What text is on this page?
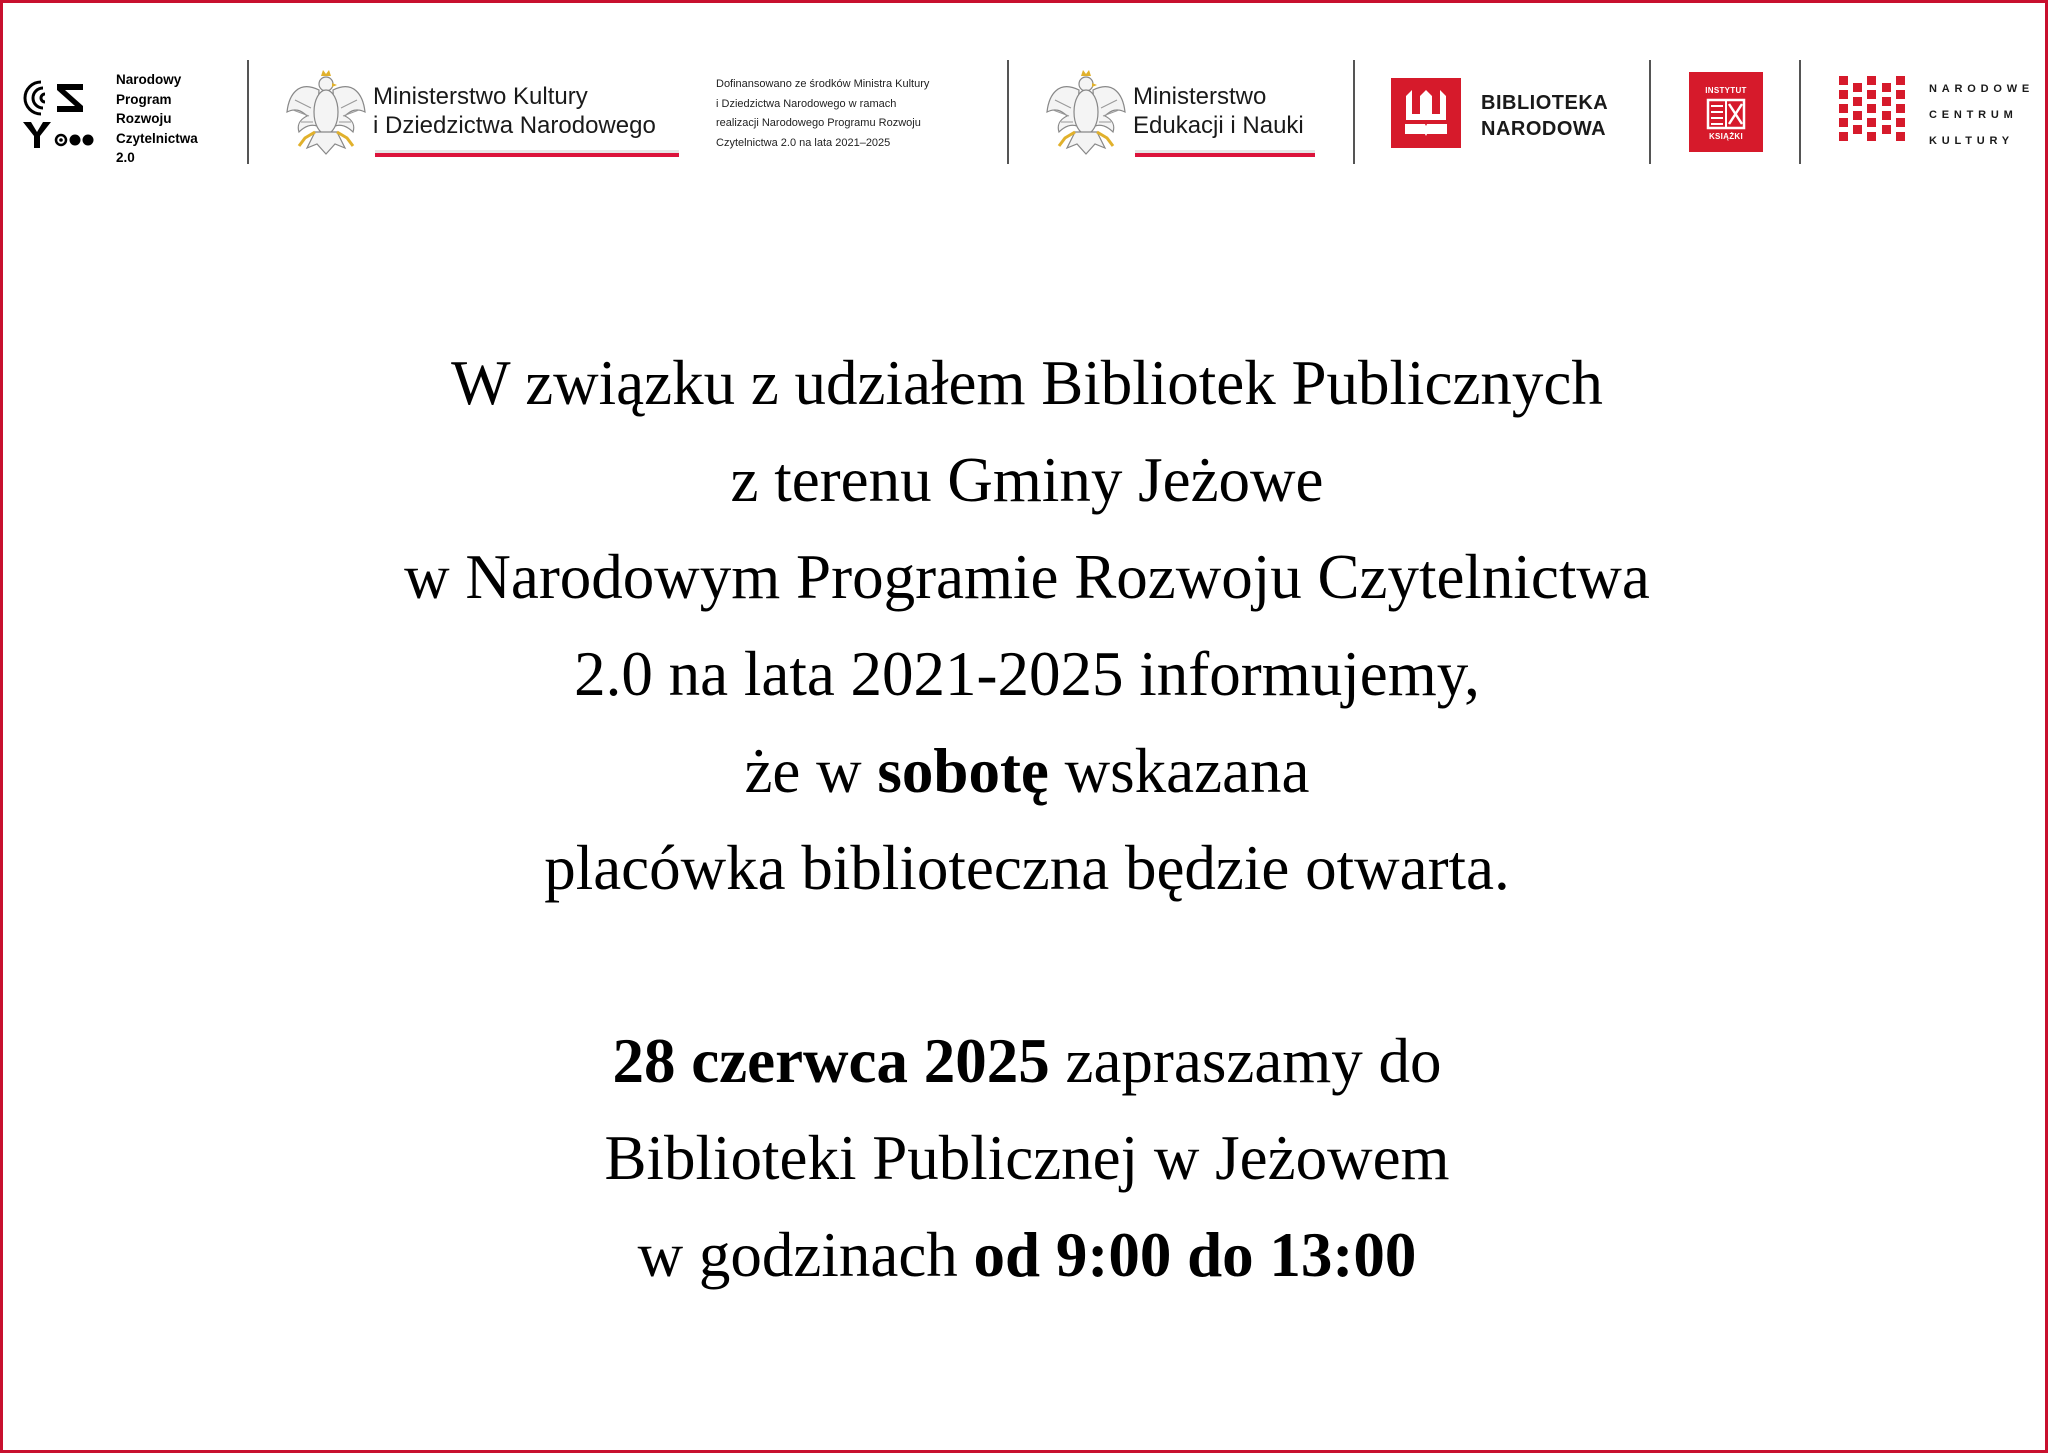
Narodowy
Program
Rozwoju
Czytelnictwa
2.0
Ministerstwo Kultury
i Dziedzictwa Narodowego
Dofinansowano ze środków Ministra Kultury
i Dziedzictwa Narodowego w ramach
realizacji Narodowego Programu Rozwoju
Czytelnictwa 2.0 na lata 2021–2025
Ministerstwo
Edukacji i Nauki
BIBLIOTEKA
NARODOWA
INSTYTUT
KSIĄŻKI
NARODOWE
CENTRUM
KULTURY
W związku z udziałem Bibliotek Publicznych
z terenu Gminy Jeżowe
w Narodowym Programie Rozwoju Czytelnictwa
2.0 na lata 2021-2025 informujemy,
że w sobotę wskazana
placówka biblioteczna będzie otwarta.
28 czerwca 2025 zapraszamy do
Biblioteki Publicznej w Jeżowem
w godzinach od 9:00 do 13:00
